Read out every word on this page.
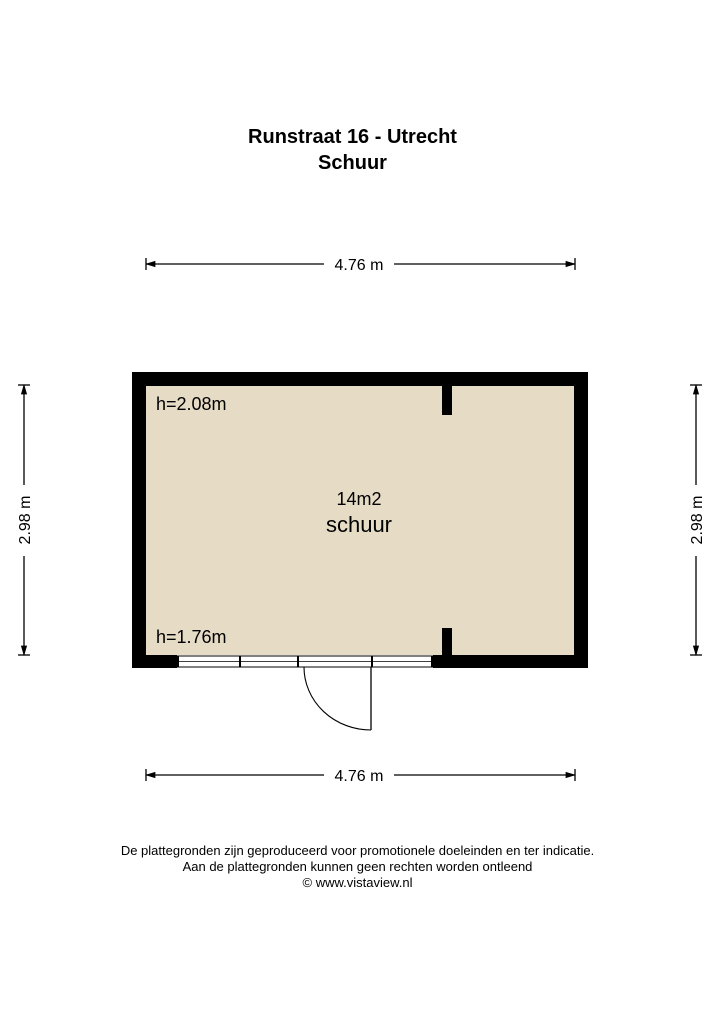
Runstraat 16 - Utrecht
Schuur
4.76 m
4.76 m
2.98 m	2.98 m
h=2.08m
h=1.76m
14m2
schuur
De plattegronden zijn geproduceerd voor promotionele doeleinden en ter indicatie.
Aan de plattegronden kunnen geen rechten worden ontleend
© www.vistaview.nl
